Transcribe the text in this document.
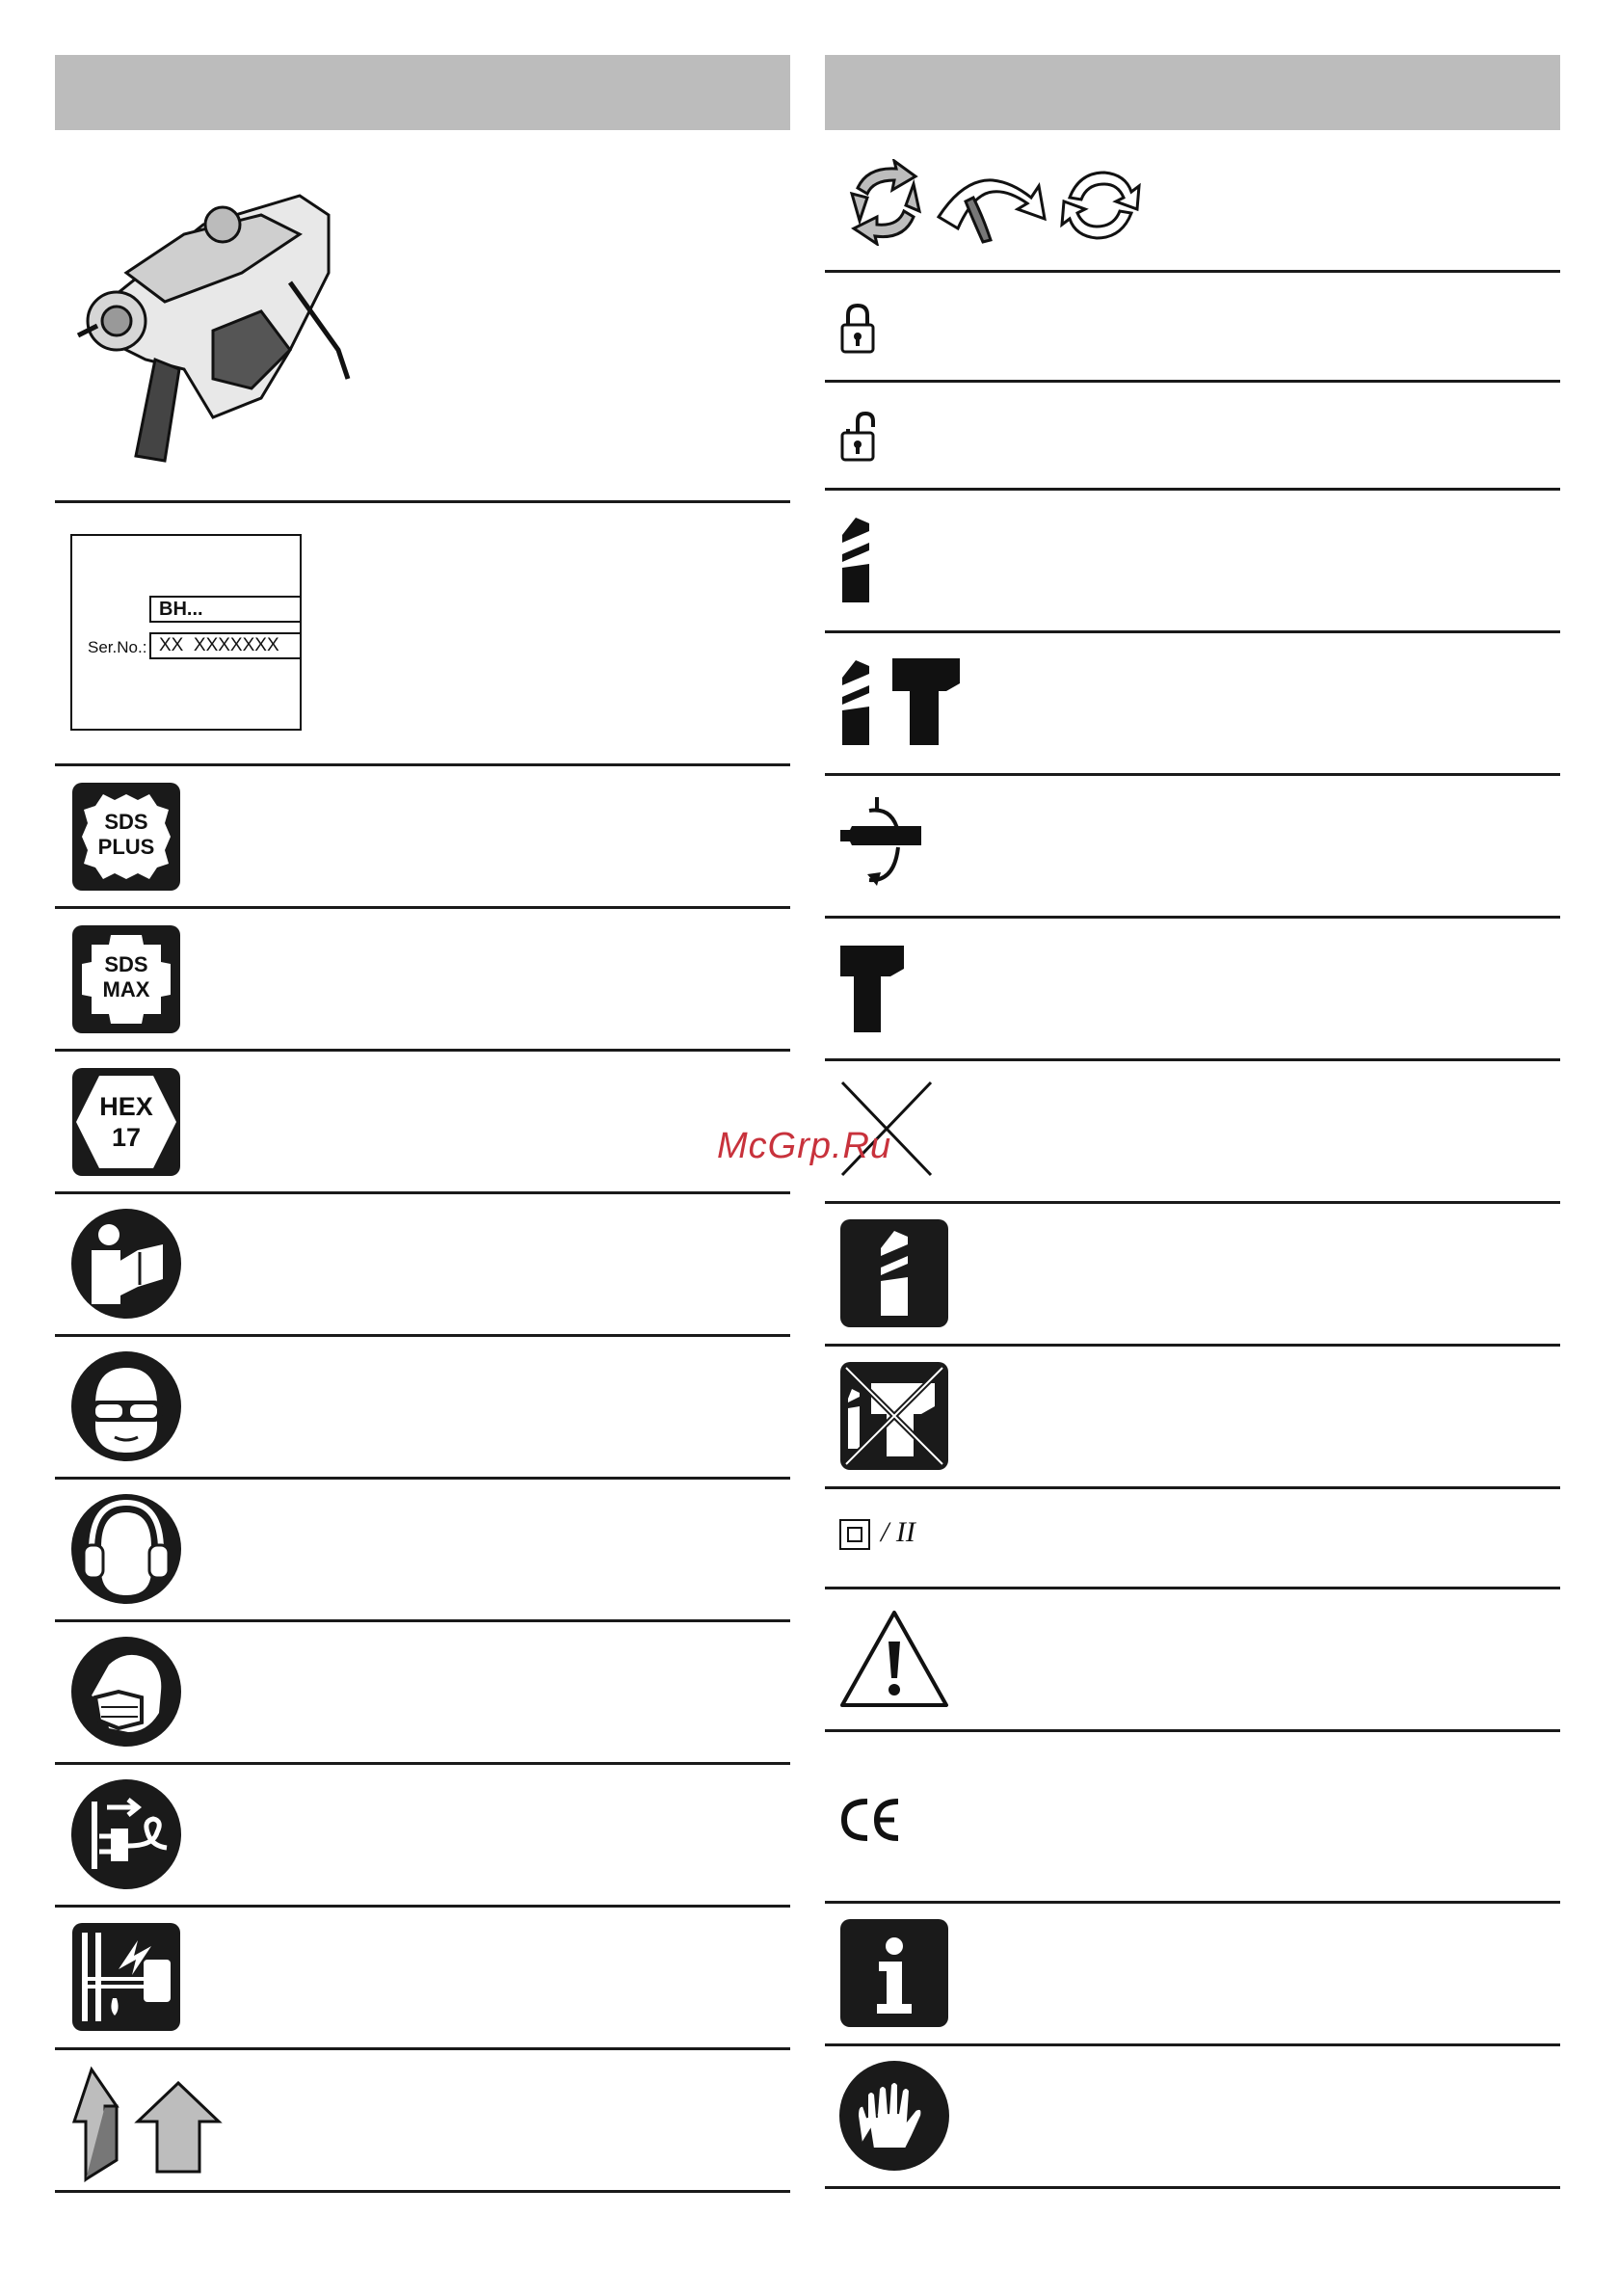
BH...
Ser.No.: XX  XXXXXXX
SDS
PLUS
SDS
MAX
HEX
17
/ II
McGrp.Ru
